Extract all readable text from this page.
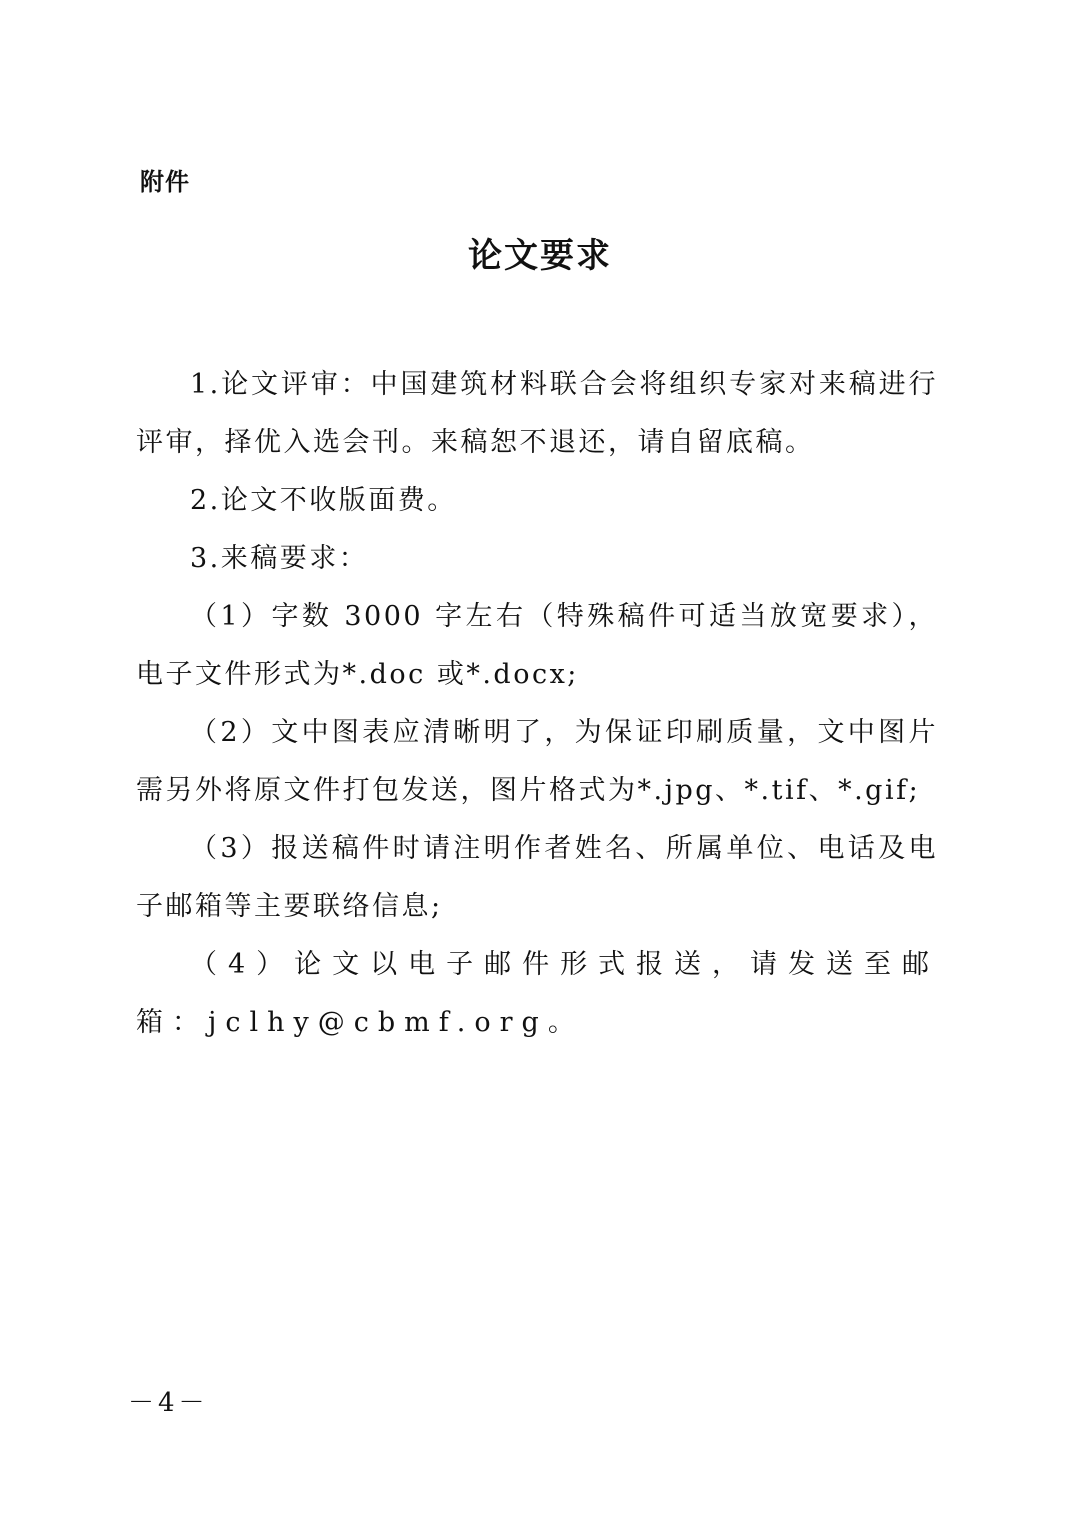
附件
论文要求

1.论文评审：中国建筑材料联合会将组织专家对来稿进行评审，择优入选会刊。来稿恕不退还，请自留底稿。

2.论文不收版面费。

3.来稿要求：

（1）字数 3000 字左右（特殊稿件可适当放宽要求），电子文件形式为*.doc 或*.docx;

（2）文中图表应清晰明了，为保证印刷质量，文中图片需另外将原文件打包发送，图片格式为*.jpg、*.tif、*.gif;

（3）报送稿件时请注明作者姓名、所属单位、电话及电子邮箱等主要联络信息;

（4）论文以电子邮件形式报送，请发送至邮箱：jclhy@cbmf.org。

－4－
